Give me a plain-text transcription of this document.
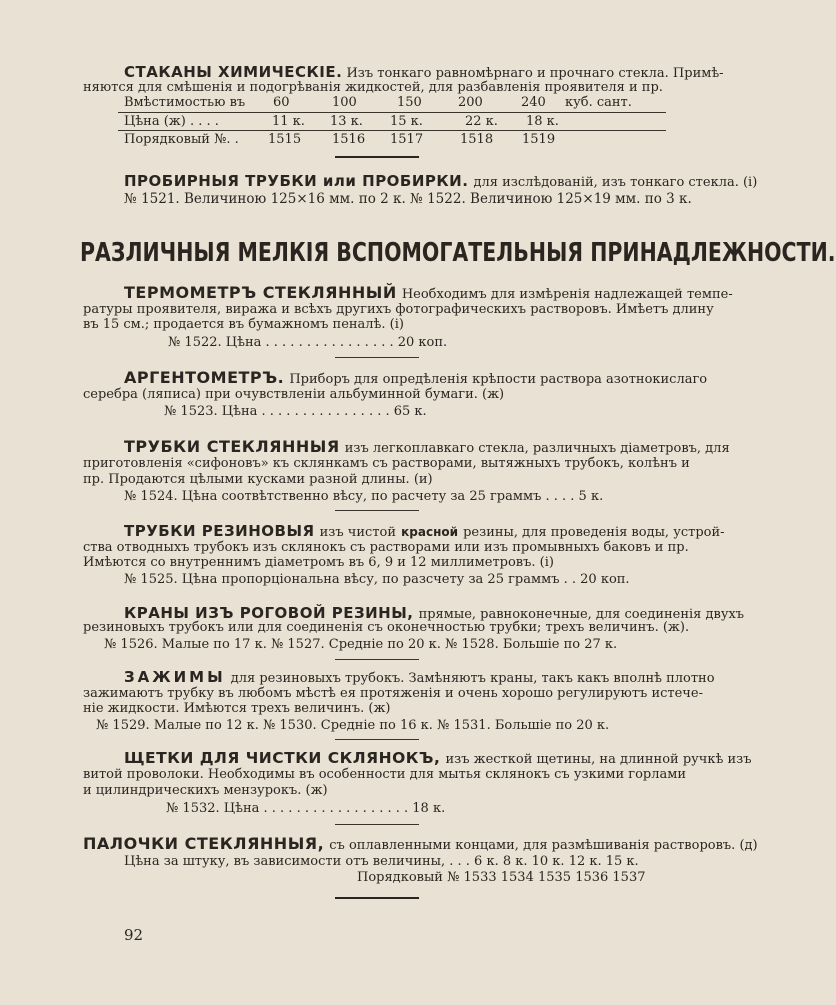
СТАКАНЫ ХИМИЧЕСКІЕ. Изъ тонкаго равномѣрнаго и прочнаго стекла. Примѣ-
няются для смѣшенія и подогрѣванія жидкостей, для разбавленія проявителя и пр.
Вмѣстимостью въ 60	100	150	200	240 куб. сант.
Цѣна (ж) . . . .	11 к. 13 к. 15 к.	22 к. 18 к.
Порядковый №. . 1515 1516 1517	1518 1519
ПРОБИРНЫЯ ТРУБКИ или ПРОБИРКИ. для изслѣдованій, изъ тонкаго стекла. (і)
№ 1521. Величиною 125×16 мм. по 2 к. № 1522. Величиною 125×19 мм. по 3 к.
РАЗЛИЧНЫЯ МЕЛКІЯ ВСПОМОГАТЕЛЬНЫЯ ПРИНАДЛЕЖНОСТИ.
ТЕРМОМЕТРЪ СТЕКЛЯННЫЙ Необходимъ для измѣренія надлежащей темпе-
ратуры проявителя, виража и всѣхъ другихъ фотографическихъ растворовъ. Имѣетъ длину
въ 15 см.; продается въ бумажномъ пеналѣ. (і)
№ 1522. Цѣна . . . . . . . . . . . . . . . . 20 коп.
АРГЕНТОМЕТРЪ. Приборъ для опредѣленія крѣпости раствора азотнокислаго
серебра (ляписа) при очувствленіи альбуминной бумаги. (ж)
№ 1523. Цѣна . . . . . . . . . . . . . . . . 65 к.
ТРУБКИ СТЕКЛЯННЫЯ изъ легкоплавкаго стекла, различныхъ діаметровъ, для
приготовленія «сифоновъ» къ склянкамъ съ растворами, вытяжныхъ трубокъ, колѣнъ и
пр. Продаются цѣлыми кусками разной длины. (и)
№ 1524. Цѣна соотвѣтственно вѣсу, по расчету за 25 граммъ . . . . 5 к.
ТРУБКИ РЕЗИНОВЫЯ изъ чистой красной резины, для проведенія воды, устрой-
ства отводныхъ трубокъ изъ склянокъ съ растворами или изъ промывныхъ баковъ и пр.
Имѣются со внутреннимъ діаметромъ въ 6, 9 и 12 миллиметровъ. (і)
№ 1525. Цѣна пропорціональна вѣсу, по разсчету за 25 граммъ . . 20 коп.
КРАНЫ ИЗЪ РОГОВОЙ РЕЗИНЫ, прямые, равноконечные, для соединенія двухъ
резиновыхъ трубокъ или для соединенія съ оконечностью трубки; трехъ величинъ. (ж).
№ 1526. Малые по 17 к. № 1527. Средніе по 20 к. № 1528. Большіе по 27 к.
ЗАЖИМЫ для резиновыхъ трубокъ. Замѣняютъ краны, такъ какъ вполнѣ плотно
зажимаютъ трубку въ любомъ мѣстѣ ея протяженія и очень хорошо регулируютъ истече-
ніе жидкости. Имѣются трехъ величинъ. (ж)
№ 1529. Малые по 12 к. № 1530. Средніе по 16 к. № 1531. Большіе по 20 к.
ЩЕТКИ ДЛЯ ЧИСТКИ СКЛЯНОКЪ, изъ жесткой щетины, на длинной ручкѣ изъ
витой проволоки. Необходимы въ особенности для мытья склянокъ съ узкими горлами
и цилиндрическихъ мензурокъ. (ж)
№ 1532. Цѣна . . . . . . . . . . . . . . . . . . 18 к.
ПАЛОЧКИ СТЕКЛЯННЫЯ, съ оплавленными концами, для размѣшиванія растворовъ. (д)
Цѣна за штуку, въ зависимости отъ величины, . . . 6 к. 8 к. 10 к. 12 к. 15 к.
Порядковый № 1533 1534 1535 1536 1537
92
